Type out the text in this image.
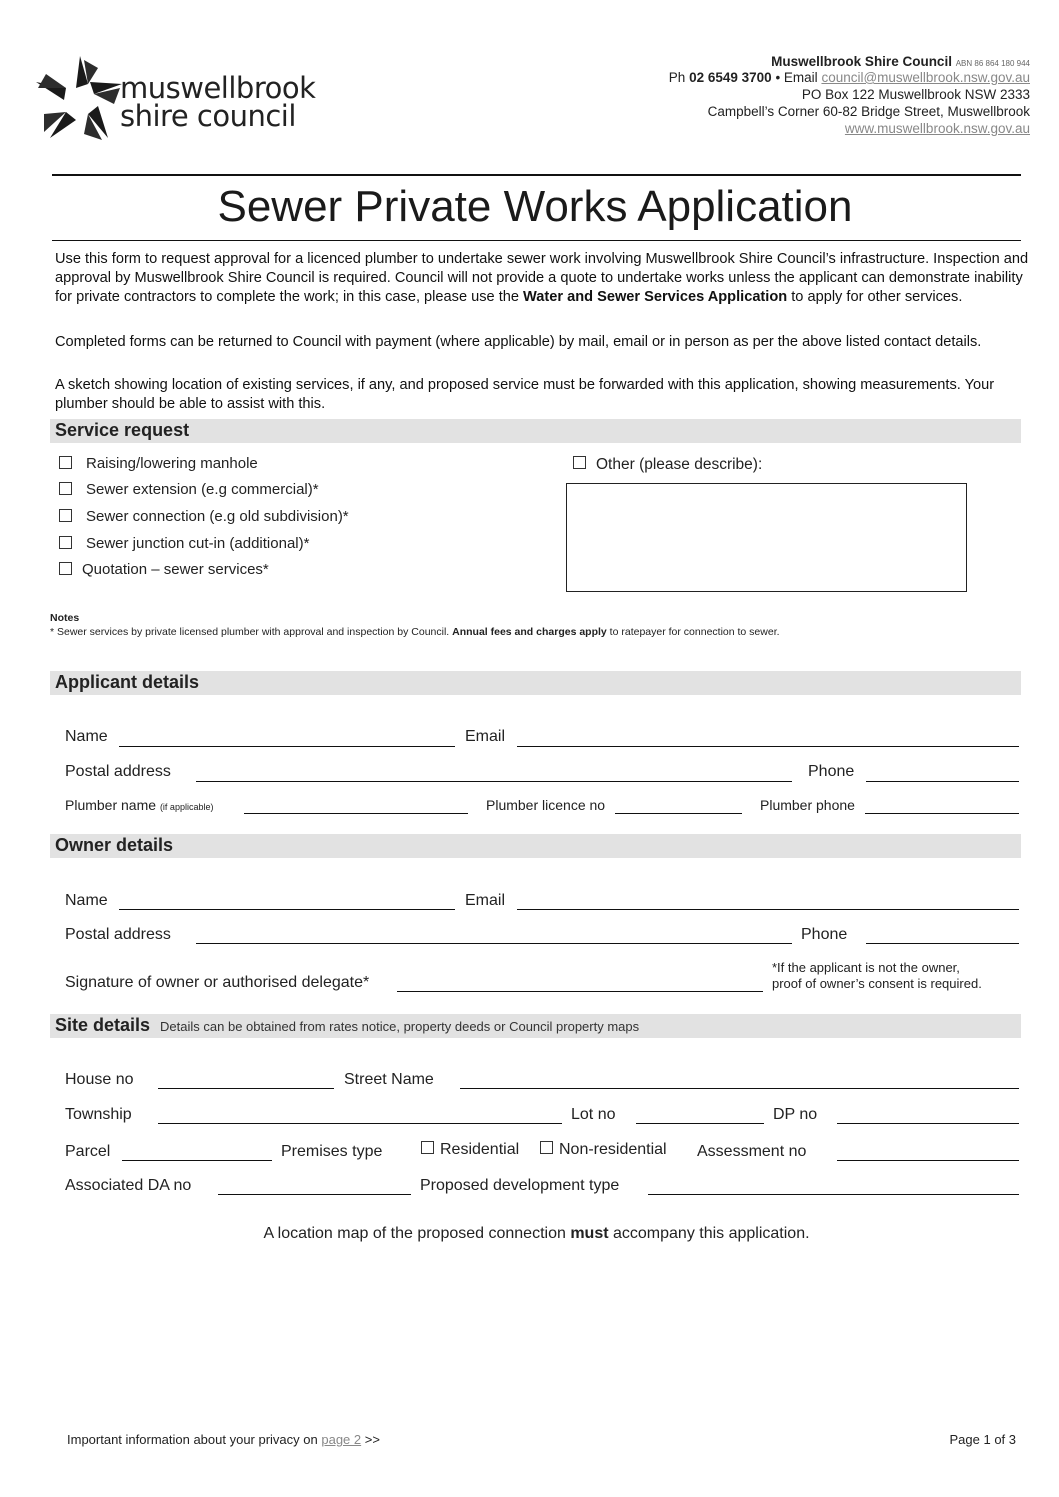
muswellbrook
shire council
Muswellbrook Shire Council ABN 86 864 180 944
Ph 02 6549 3700 • Email council@muswellbrook.nsw.gov.au
PO Box 122 Muswellbrook NSW 2333
Campbell’s Corner 60-82 Bridge Street, Muswellbrook
www.muswellbrook.nsw.gov.au
Sewer Private Works Application
Use this form to request approval for a licenced plumber to undertake sewer work involving Muswellbrook Shire Council’s infrastructure. Inspection and approval by Muswellbrook Shire Council is required. Council will not provide a quote to undertake works unless the applicant can demonstrate inability for private contractors to complete the work; in this case, please use the Water and Sewer Services Application to apply for other services.
Completed forms can be returned to Council with payment (where applicable) by mail, email or in person as per the above listed contact details.
A sketch showing location of existing services, if any, and proposed service must be forwarded with this application, showing measurements. Your plumber should be able to assist with this.
Service request
Raising/lowering manhole
Sewer extension (e.g commercial)*
Sewer connection (e.g old subdivision)*
Sewer junction cut-in (additional)*
Quotation – sewer services*
Other (please describe):
Notes
* Sewer services by private licensed plumber with approval and inspection by Council. Annual fees and charges apply to ratepayer for connection to sewer.
Applicant details
Name	Email
Postal address	Phone
Plumber name (if applicable)	Plumber licence no	Plumber phone
Owner details
Name	Email
Postal address	Phone
Signature of owner or authorised delegate*
*If the applicant is not the owner,
proof of owner’s consent is required.
Site details Details can be obtained from rates notice, property deeds or Council property maps
House no	Street Name
Township	Lot no	DP no
Parcel	Premises type	Residential	Non-residential Assessment no
Associated DA no	Proposed development type
A location map of the proposed connection must accompany this application.
Important information about your privacy on page 2 >>	Page 1 of 3
